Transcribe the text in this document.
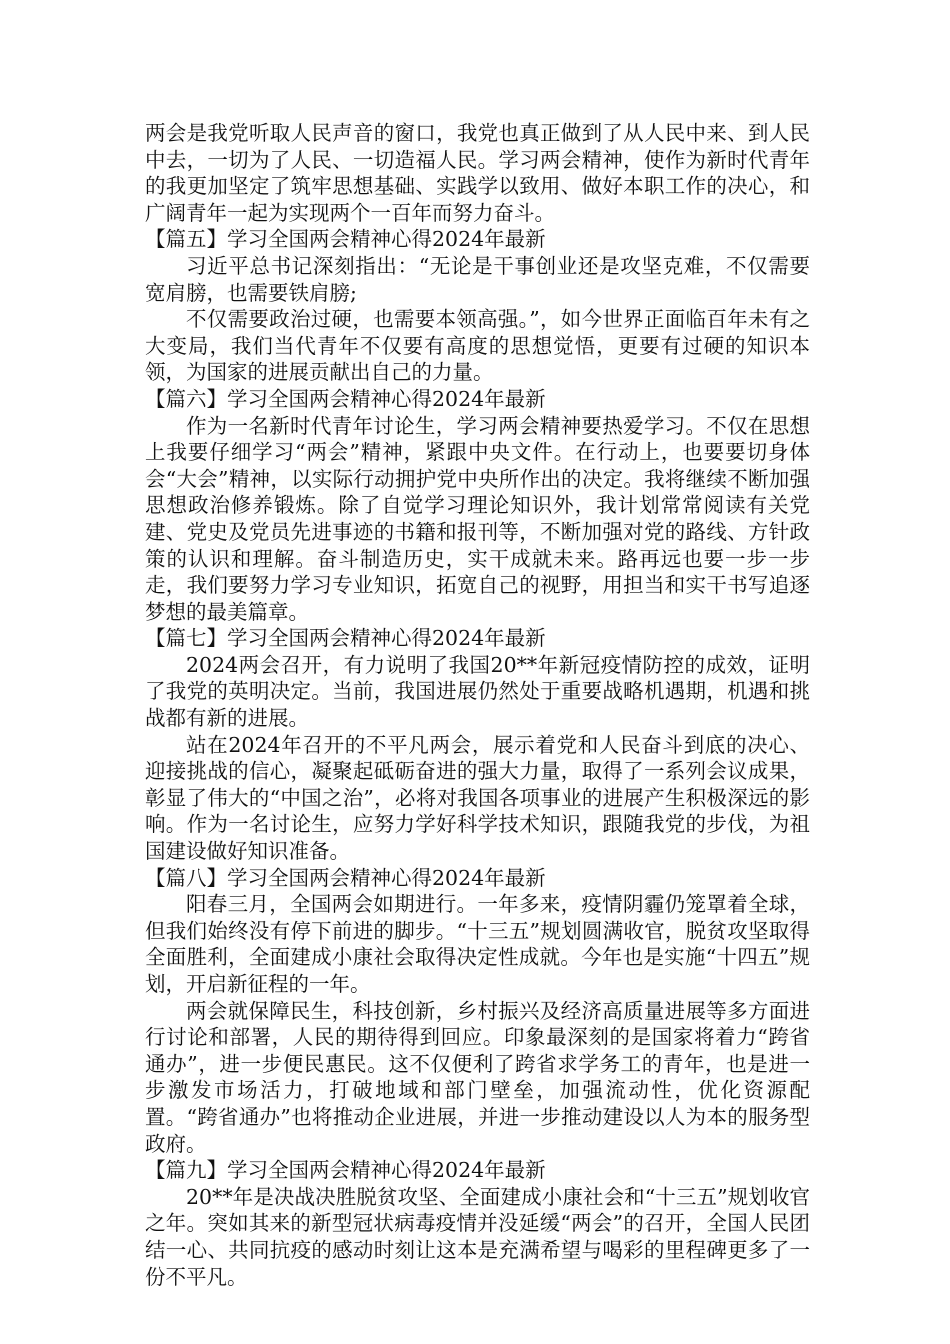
两会是我党听取人民声音的窗口，我党也真正做到了从人民中来、到人民中去，一切为了人民、一切造福人民。学习两会精神，使作为新时代青年的我更加坚定了筑牢思想基础、实践学以致用、做好本职工作的决心，和广阔青年一起为实现两个一百年而努力奋斗。

【篇五】学习全国两会精神心得2024年最新

习近平总书记深刻指出：“无论是干事创业还是攻坚克难，不仅需要宽肩膀，也需要铁肩膀;

不仅需要政治过硬，也需要本领高强。”，如今世界正面临百年未有之大变局，我们当代青年不仅要有高度的思想觉悟，更要有过硬的知识本领，为国家的进展贡献出自己的力量。

【篇六】学习全国两会精神心得2024年最新

作为一名新时代青年讨论生，学习两会精神要热爱学习。不仅在思想上我要仔细学习“两会”精神，紧跟中央文件。在行动上，也要要切身体会“大会”精神，以实际行动拥护党中央所作出的决定。我将继续不断加强思想政治修养锻炼。除了自觉学习理论知识外，我计划常常阅读有关党建、党史及党员先进事迹的书籍和报刊等，不断加强对党的路线、方针政策的认识和理解。奋斗制造历史，实干成就未来。路再远也要一步一步走，我们要努力学习专业知识，拓宽自己的视野，用担当和实干书写追逐梦想的最美篇章。

【篇七】学习全国两会精神心得2024年最新

2024两会召开，有力说明了我国20**年新冠疫情防控的成效，证明了我党的英明决定。当前，我国进展仍然处于重要战略机遇期，机遇和挑战都有新的进展。

站在2024年召开的不平凡两会，展示着党和人民奋斗到底的决心、迎接挑战的信心，凝聚起砥砺奋进的强大力量，取得了一系列会议成果，彰显了伟大的“中国之治”，必将对我国各项事业的进展产生积极深远的影响。作为一名讨论生，应努力学好科学技术知识，跟随我党的步伐，为祖国建设做好知识准备。

【篇八】学习全国两会精神心得2024年最新

阳春三月，全国两会如期进行。一年多来，疫情阴霾仍笼罩着全球，但我们始终没有停下前进的脚步。“十三五”规划圆满收官，脱贫攻坚取得全面胜利，全面建成小康社会取得决定性成就。今年也是实施“十四五”规划，开启新征程的一年。

两会就保障民生，科技创新，乡村振兴及经济高质量进展等多方面进行讨论和部署，人民的期待得到回应。印象最深刻的是国家将着力“跨省通办”，进一步便民惠民。这不仅便利了跨省求学务工的青年，也是进一步激发市场活力，打破地域和部门壁垒，加强流动性，优化资源配置。“跨省通办”也将推动企业进展，并进一步推动建设以人为本的服务型政府。

【篇九】学习全国两会精神心得2024年最新

20**年是决战决胜脱贫攻坚、全面建成小康社会和“十三五”规划收官之年。突如其来的新型冠状病毒疫情并没延缓“两会”的召开，全国人民团结一心、共同抗疫的感动时刻让这本是充满希望与喝彩的里程碑更多了一份不平凡。
